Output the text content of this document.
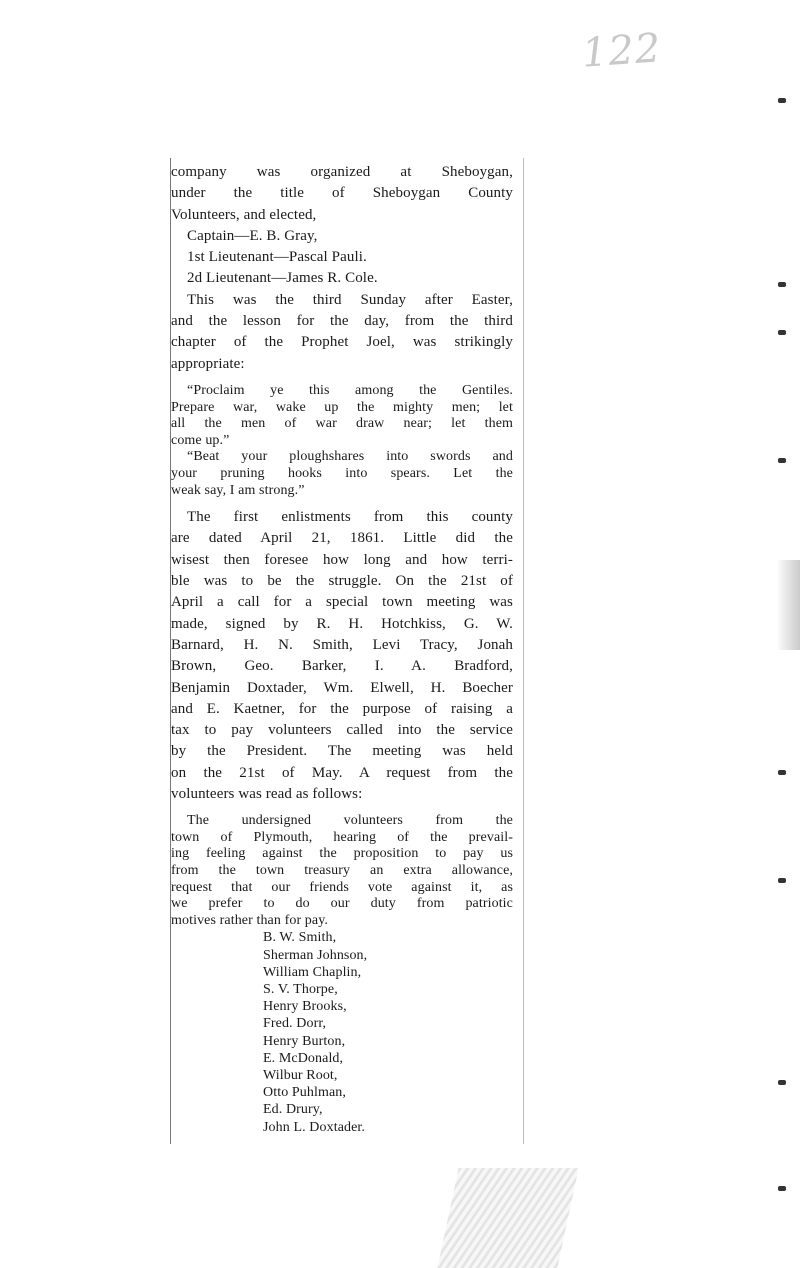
122

company was organized at Sheboygan,

under the title of Sheboygan County

Volunteers, and elected,

Captain—E. B. Gray,

1st Lieutenant—Pascal Pauli.

2d Lieutenant—James R. Cole.

This was the third Sunday after Easter,

and the lesson for the day, from the third

chapter of the Prophet Joel, was strikingly

appropriate:

“Proclaim ye this among the Gentiles.

Prepare war, wake up the mighty men; let

all the men of war draw near; let them

come up.”

“Beat your ploughshares into swords and

your pruning hooks into spears. Let the

weak say, I am strong.”

The first enlistments from this county

are dated April 21, 1861. Little did the

wisest then foresee how long and how terri-

ble was to be the struggle. On the 21st of

April a call for a special town meeting was

made, signed by R. H. Hotchkiss, G. W.

Barnard, H. N. Smith, Levi Tracy, Jonah

Brown, Geo. Barker, I. A. Bradford,

Benjamin Doxtader, Wm. Elwell, H. Boecher

and E. Kaetner, for the purpose of raising a

tax to pay volunteers called into the service

by the President. The meeting was held

on the 21st of May. A request from the

volunteers was read as follows:

The undersigned volunteers from the

town of Plymouth, hearing of the prevail-

ing feeling against the proposition to pay us

from the town treasury an extra allowance,

request that our friends vote against it, as

we prefer to do our duty from patriotic

motives rather than for pay.

B. W. Smith,
Sherman Johnson,
William Chaplin,
S. V. Thorpe,
Henry Brooks,
Fred. Dorr,
Henry Burton,
E. McDonald,
Wilbur Root,
Otto Puhlman,
Ed. Drury,
John L. Doxtader.
